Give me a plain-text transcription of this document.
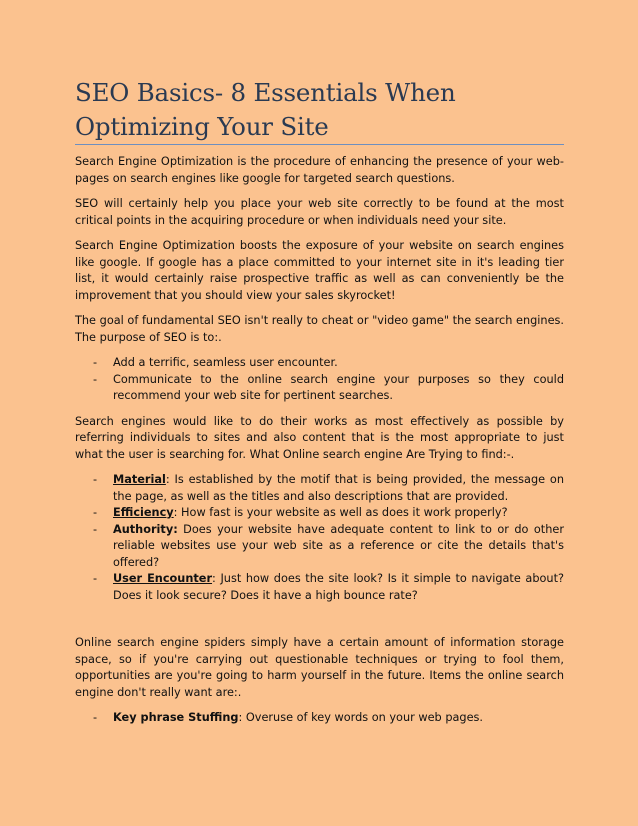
SEO Basics- 8 Essentials When
Optimizing Your Site

Search Engine Optimization is the procedure of enhancing the presence of your web-pages on search engines like google for targeted search questions.

SEO will certainly help you place your web site correctly to be found at the most critical points in the acquiring procedure or when individuals need your site.

Search Engine Optimization boosts the exposure of your website on search engines like google. If google has a place committed to your internet site in it's leading tier list, it would certainly raise prospective traffic as well as can conveniently be the improvement that you should view your sales skyrocket!

The goal of fundamental SEO isn't really to cheat or "video game" the search engines. The purpose of SEO is to:.

- Add a terrific, seamless user encounter.
- Communicate to the online search engine your purposes so they could recommend your web site for pertinent searches.

Search engines would like to do their works as most effectively as possible by referring individuals to sites and also content that is the most appropriate to just what the user is searching for. What Online search engine Are Trying to find:-.

- Material: Is established by the motif that is being provided, the message on the page, as well as the titles and also descriptions that are provided.
- Efficiency: How fast is your website as well as does it work properly?
- Authority: Does your website have adequate content to link to or do other reliable websites use your web site as a reference or cite the details that's offered?
- User Encounter: Just how does the site look? Is it simple to navigate about? Does it look secure? Does it have a high bounce rate?

Online search engine spiders simply have a certain amount of information storage space, so if you're carrying out questionable techniques or trying to fool them, opportunities are you're going to harm yourself in the future. Items the online search engine don't really want are:.

- Key phrase Stuffing: Overuse of key words on your web pages.
